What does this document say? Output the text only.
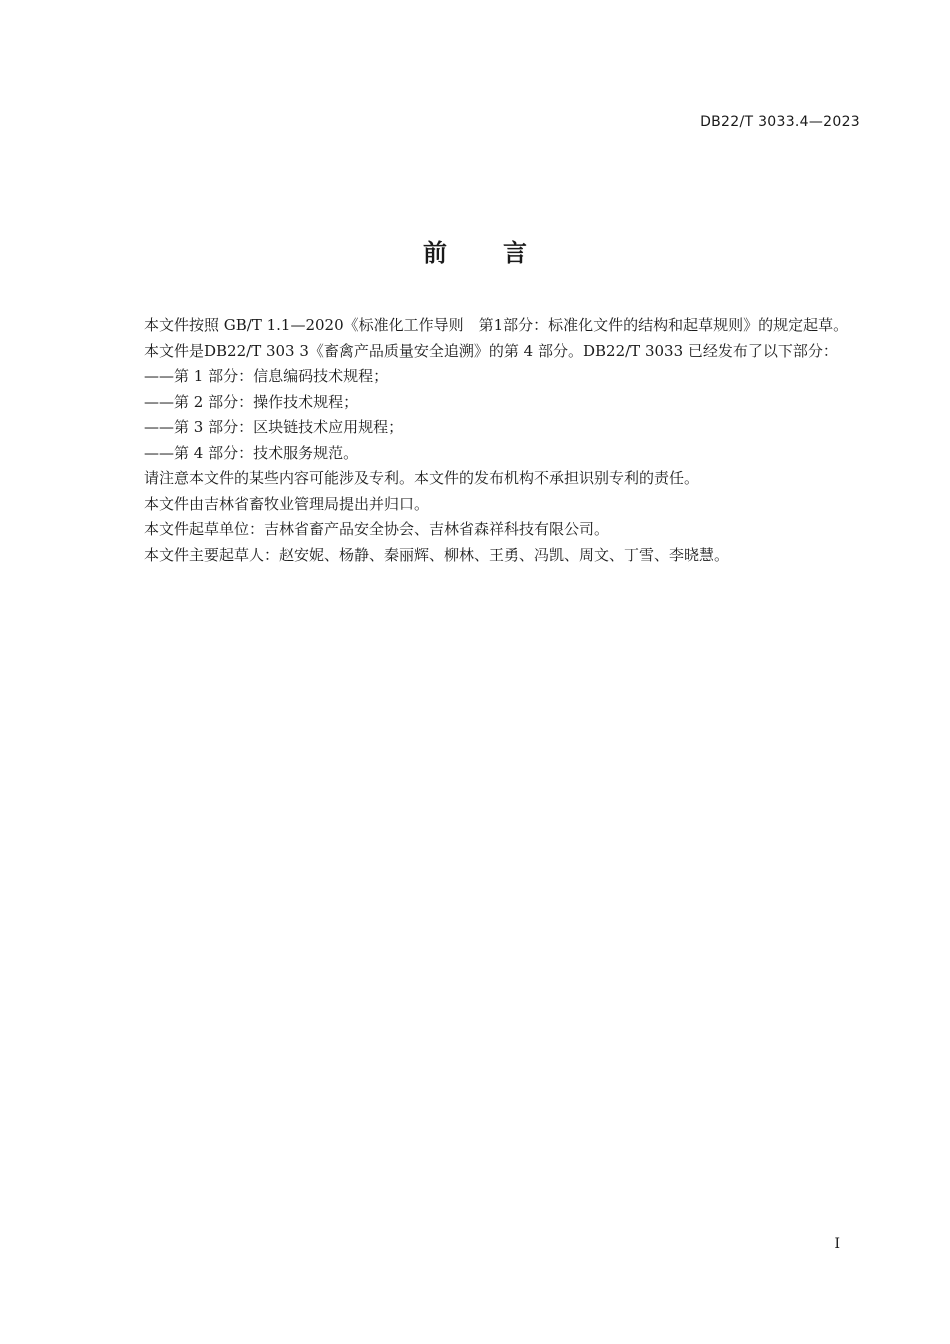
DB22/T 3033.4—2023
前 言

本文件按照 GB/T 1.1—2020《标准化工作导则　第1部分：标准化文件的结构和起草规则》的规定起草。

本文件是DB22/T 303 3《畜禽产品质量安全追溯》的第 4 部分。DB22/T 3033 已经发布了以下部分：

——第 1 部分：信息编码技术规程；

——第 2 部分：操作技术规程；

——第 3 部分：区块链技术应用规程；

——第 4 部分：技术服务规范。

请注意本文件的某些内容可能涉及专利。本文件的发布机构不承担识别专利的责任。

本文件由吉林省畜牧业管理局提出并归口。

本文件起草单位：吉林省畜产品安全协会、吉林省森祥科技有限公司。

本文件主要起草人：赵安妮、杨静、秦丽辉、柳林、王勇、冯凯、周文、丁雪、李晓慧。

I
